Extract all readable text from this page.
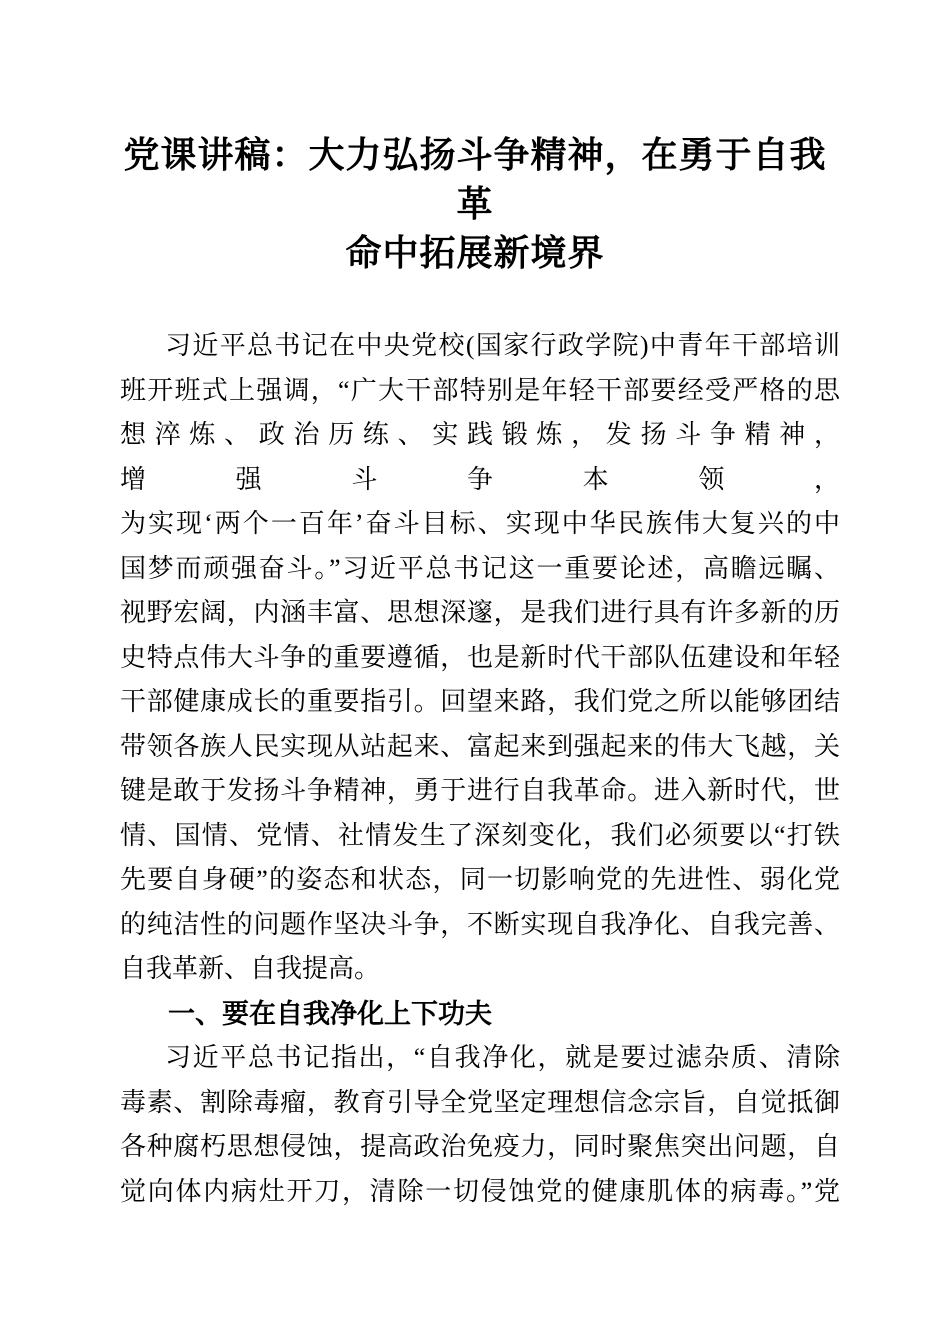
党课讲稿：大力弘扬斗争精神，在勇于自我革
命中拓展新境界
习近平总书记在中央党校(国家行政学院)中青年干部培训
班开班式上强调，“广大干部特别是年轻干部要经受严格的思
想淬炼、政治历练、实践锻炼，发扬斗争精神，增强斗争本领，
为实现‘两个一百年’奋斗目标、实现中华民族伟大复兴的中
国梦而顽强奋斗。”习近平总书记这一重要论述，高瞻远瞩、
视野宏阔，内涵丰富、思想深邃，是我们进行具有许多新的历
史特点伟大斗争的重要遵循，也是新时代干部队伍建设和年轻
干部健康成长的重要指引。回望来路，我们党之所以能够团结
带领各族人民实现从站起来、富起来到强起来的伟大飞越，关
键是敢于发扬斗争精神，勇于进行自我革命。进入新时代，世
情、国情、党情、社情发生了深刻变化，我们必须要以“打铁
先要自身硬”的姿态和状态，同一切影响党的先进性、弱化党
的纯洁性的问题作坚决斗争，不断实现自我净化、自我完善、
自我革新、自我提高。
一、要在自我净化上下功夫
习近平总书记指出，“自我净化，就是要过滤杂质、清除
毒素、割除毒瘤，教育引导全党坚定理想信念宗旨，自觉抵御
各种腐朽思想侵蚀，提高政治免疫力，同时聚焦突出问题，自
觉向体内病灶开刀，清除一切侵蚀党的健康肌体的病毒。”党
